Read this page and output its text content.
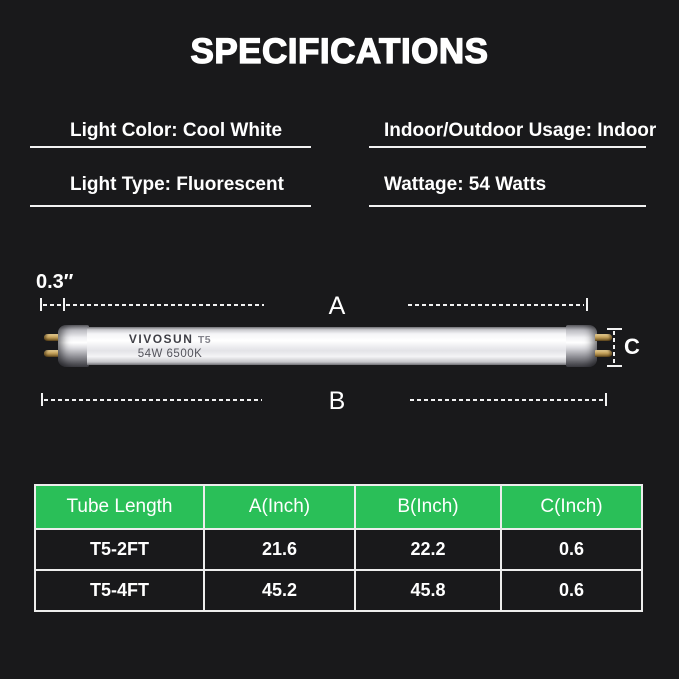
SPECIFICATIONS
Light Color: Cool White
Light Type: Fluorescent
Indoor/Outdoor Usage: Indoor
Wattage: 54 Watts
0.3″
A
VIVOSUN T5
54W 6500K	C
B
Tube Length	A(Inch)	B(Inch)	C(Inch)
T5-2FT	21.6	22.2	0.6
T5-4FT	45.2	45.8	0.6
